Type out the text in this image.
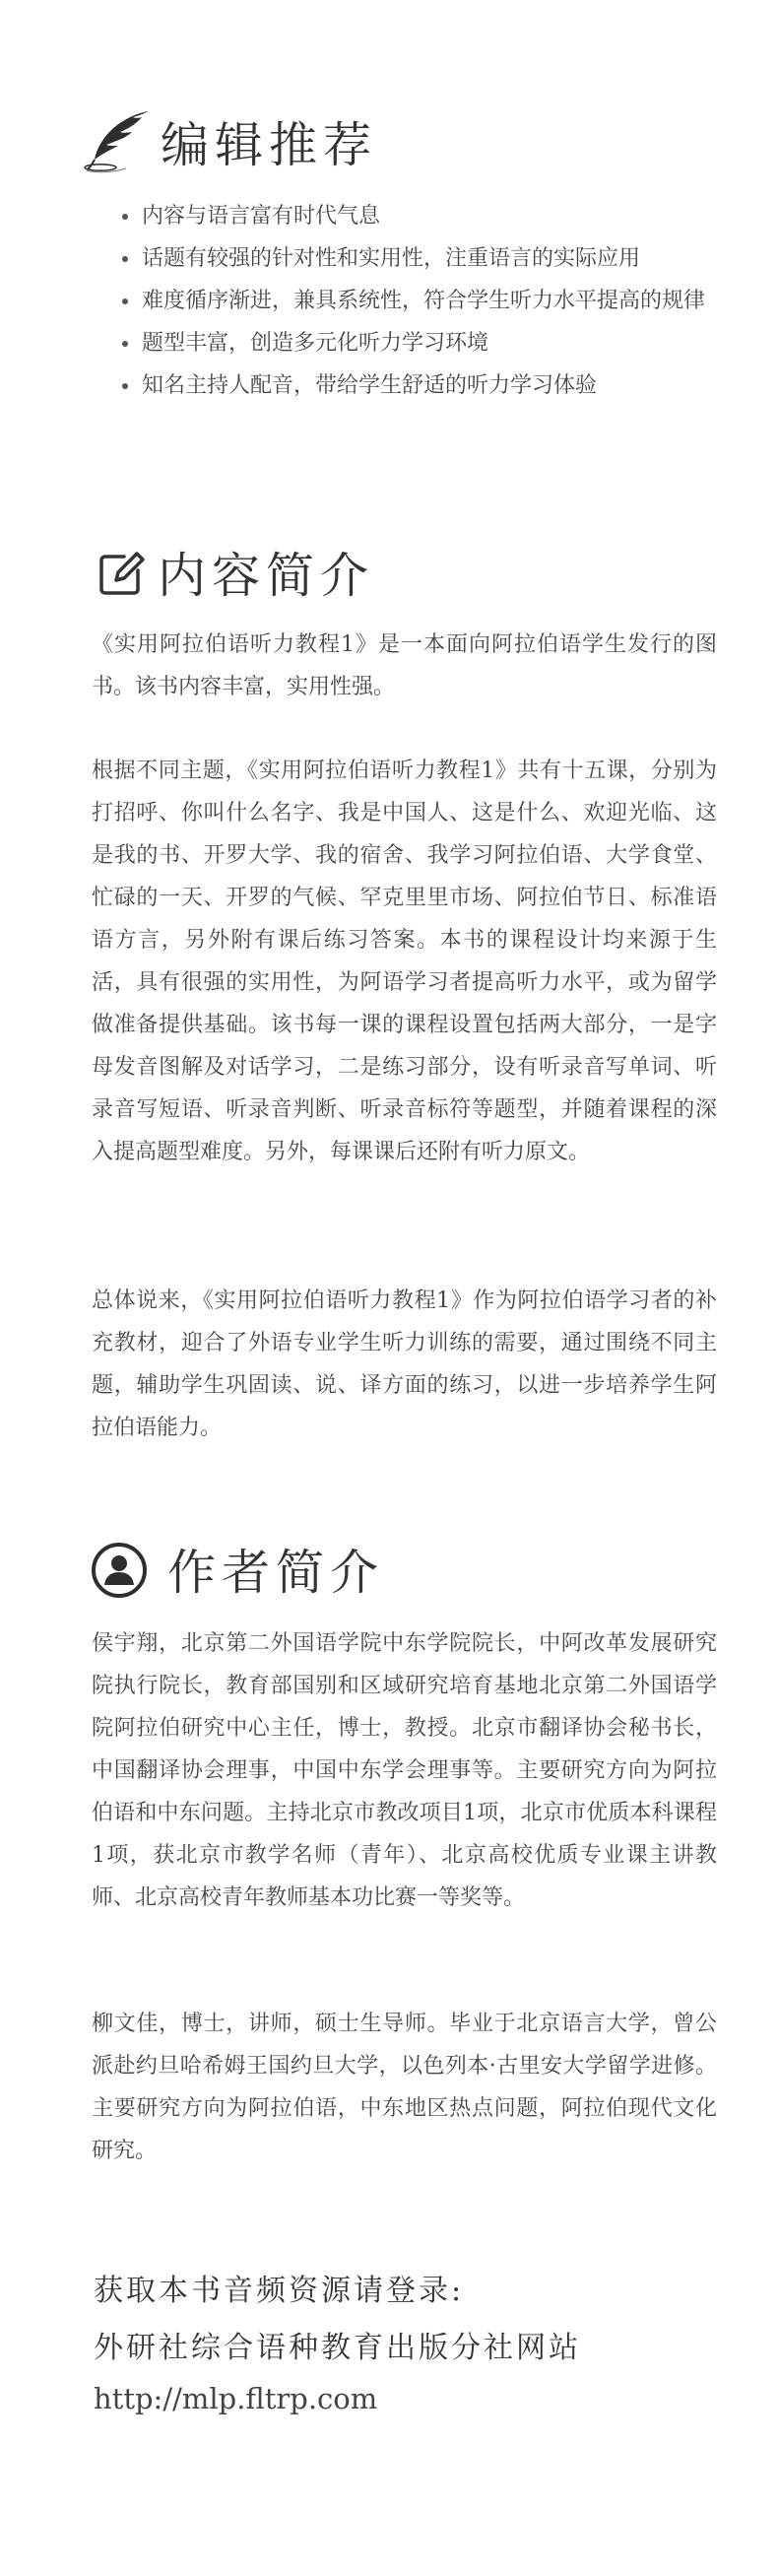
编辑推荐
内容与语言富有时代气息
话题有较强的针对性和实用性，注重语言的实际应用
难度循序渐进，兼具系统性，符合学生听力水平提高的规律
题型丰富，创造多元化听力学习环境
知名主持人配音，带给学生舒适的听力学习体验
内容简介

《实用阿拉伯语听力教程1》是一本面向阿拉伯语学生发行的图书。该书内容丰富，实用性强。

根据不同主题，《实用阿拉伯语听力教程1》共有十五课，分别为打招呼、你叫什么名字、我是中国人、这是什么、欢迎光临、这是我的书、开罗大学、我的宿舍、我学习阿拉伯语、大学食堂、忙碌的一天、开罗的气候、罕克里里市场、阿拉伯节日、标准语语方言，另外附有课后练习答案。本书的课程设计均来源于生活，具有很强的实用性，为阿语学习者提高听力水平，或为留学做准备提供基础。该书每一课的课程设置包括两大部分，一是字母发音图解及对话学习，二是练习部分，设有听录音写单词、听录音写短语、听录音判断、听录音标符等题型，并随着课程的深入提高题型难度。另外，每课课后还附有听力原文。

总体说来，《实用阿拉伯语听力教程1》作为阿拉伯语学习者的补充教材，迎合了外语专业学生听力训练的需要，通过围绕不同主题，辅助学生巩固读、说、译方面的练习，以进一步培养学生阿拉伯语能力。

作者简介

侯宇翔，北京第二外国语学院中东学院院长，中阿改革发展研究院执行院长，教育部国别和区域研究培育基地北京第二外国语学院阿拉伯研究中心主任，博士，教授。北京市翻译协会秘书长，中国翻译协会理事，中国中东学会理事等。主要研究方向为阿拉伯语和中东问题。主持北京市教改项目1项，北京市优质本科课程1项，获北京市教学名师（青年）、北京高校优质专业课主讲教师、北京高校青年教师基本功比赛一等奖等。

柳文佳，博士，讲师，硕士生导师。毕业于北京语言大学，曾公派赴约旦哈希姆王国约旦大学，以色列本·古里安大学留学进修。主要研究方向为阿拉伯语，中东地区热点问题，阿拉伯现代文化研究。

获取本书音频资源请登录:
外研社综合语种教育出版分社网站
http://mlp.fltrp.com
